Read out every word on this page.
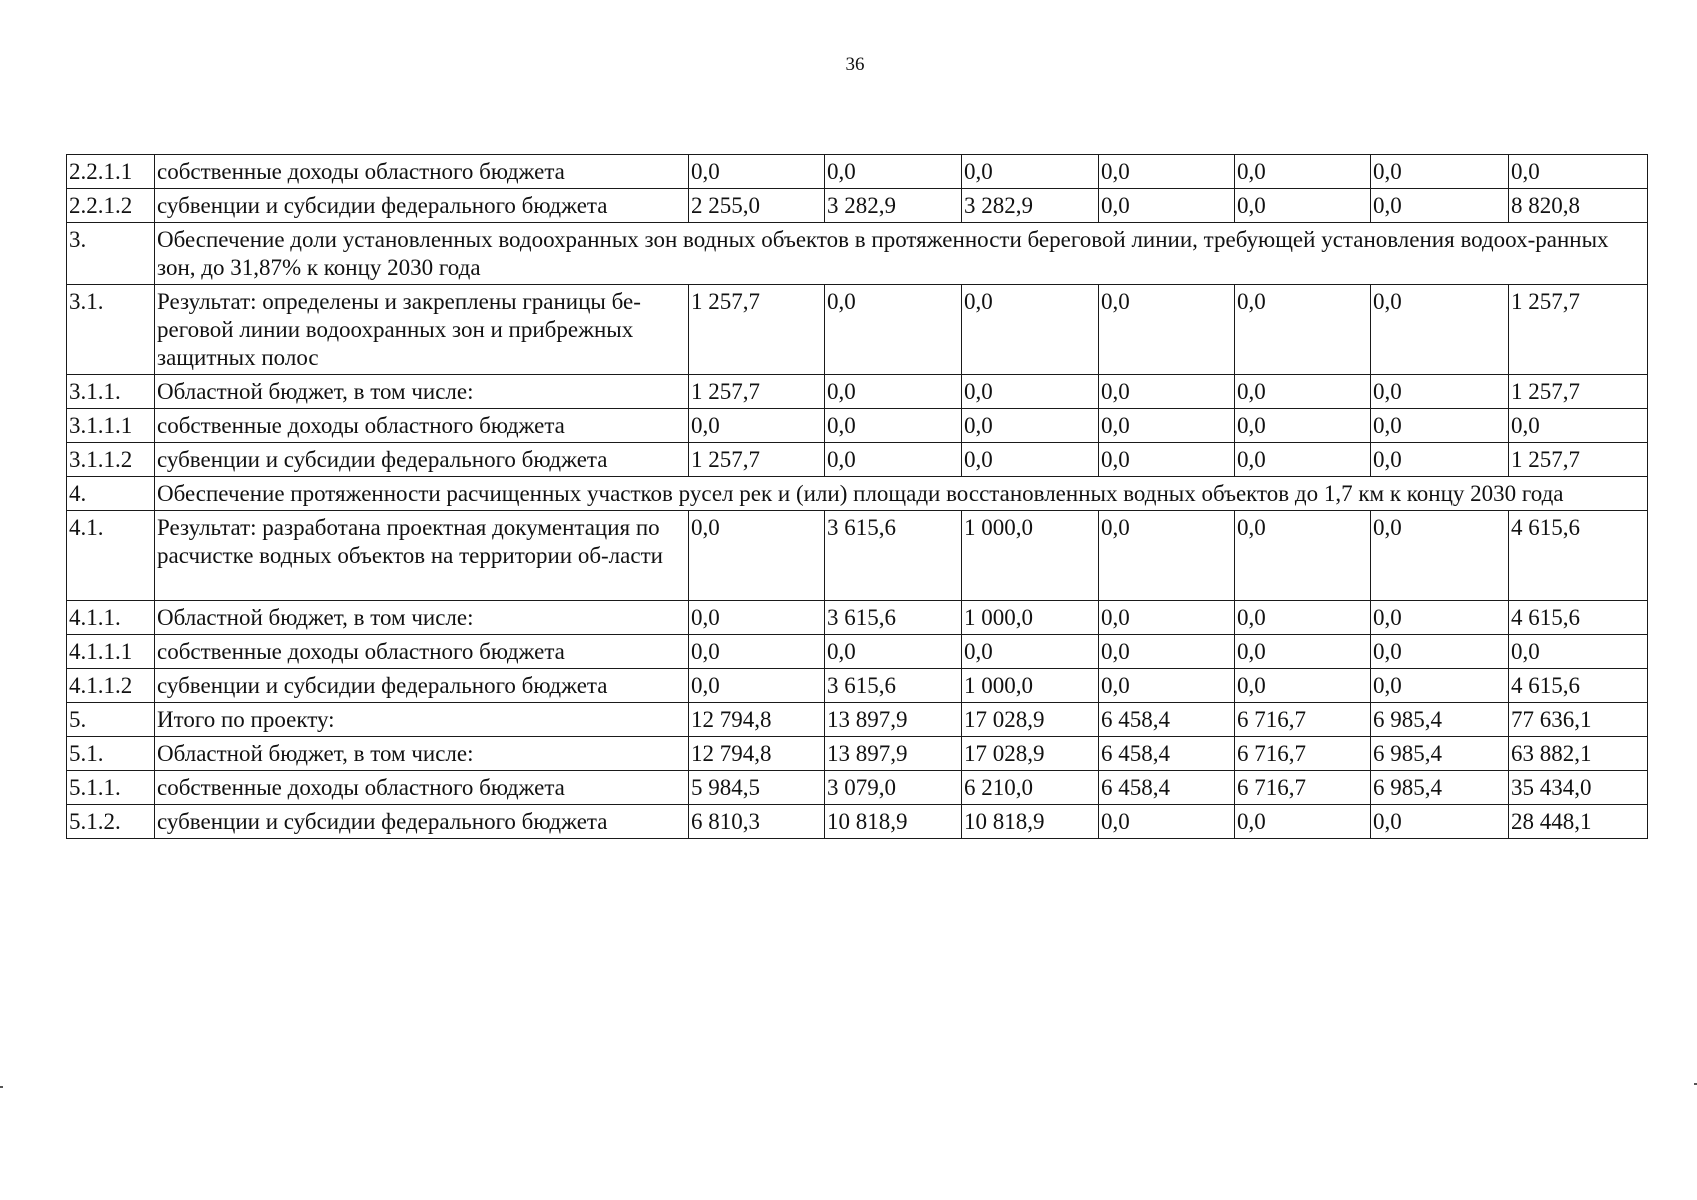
36
2.2.1.1	собственные доходы областного бюджета	0,0	0,0	0,0	0,0	0,0	0,0	0,0
2.2.1.2	субвенции и субсидии федерального бюджета	2 255,0	3 282,9	3 282,9	0,0	0,0	0,0	8 820,8
3.	Обеспечение доли установленных водоохранных зон водных объектов в протяженности береговой линии, требующей установления водоох-ранных зон, до 31,87% к концу 2030 года							
3.1.	Результат: определены и закреплены границы бе-реговой линии водоохранных зон и прибрежных защитных полос	1 257,7	0,0	0,0	0,0	0,0	0,0	1 257,7
3.1.1.	Областной бюджет, в том числе:	1 257,7	0,0	0,0	0,0	0,0	0,0	1 257,7
3.1.1.1	собственные доходы областного бюджета	0,0	0,0	0,0	0,0	0,0	0,0	0,0
3.1.1.2	субвенции и субсидии федерального бюджета	1 257,7	0,0	0,0	0,0	0,0	0,0	1 257,7
4.	Обеспечение протяженности расчищенных участков русел рек и (или) площади восстановленных водных объектов до 1,7 км к концу 2030 года							
4.1.	Результат: разработана проектная документация по расчистке водных объектов на территории об-ласти	0,0	3 615,6	1 000,0	0,0	0,0	0,0	4 615,6
4.1.1.	Областной бюджет, в том числе:	0,0	3 615,6	1 000,0	0,0	0,0	0,0	4 615,6
4.1.1.1	собственные доходы областного бюджета	0,0	0,0	0,0	0,0	0,0	0,0	0,0
4.1.1.2	субвенции и субсидии федерального бюджета	0,0	3 615,6	1 000,0	0,0	0,0	0,0	4 615,6
5.	Итого по проекту:	12 794,8	13 897,9	17 028,9	6 458,4	6 716,7	6 985,4	77 636,1
5.1.	Областной бюджет, в том числе:	12 794,8	13 897,9	17 028,9	6 458,4	6 716,7	6 985,4	63 882,1
5.1.1.	собственные доходы областного бюджета	5 984,5	3 079,0	6 210,0	6 458,4	6 716,7	6 985,4	35 434,0
5.1.2.	субвенции и субсидии федерального бюджета	6 810,3	10 818,9	10 818,9	0,0	0,0	0,0	28 448,1
